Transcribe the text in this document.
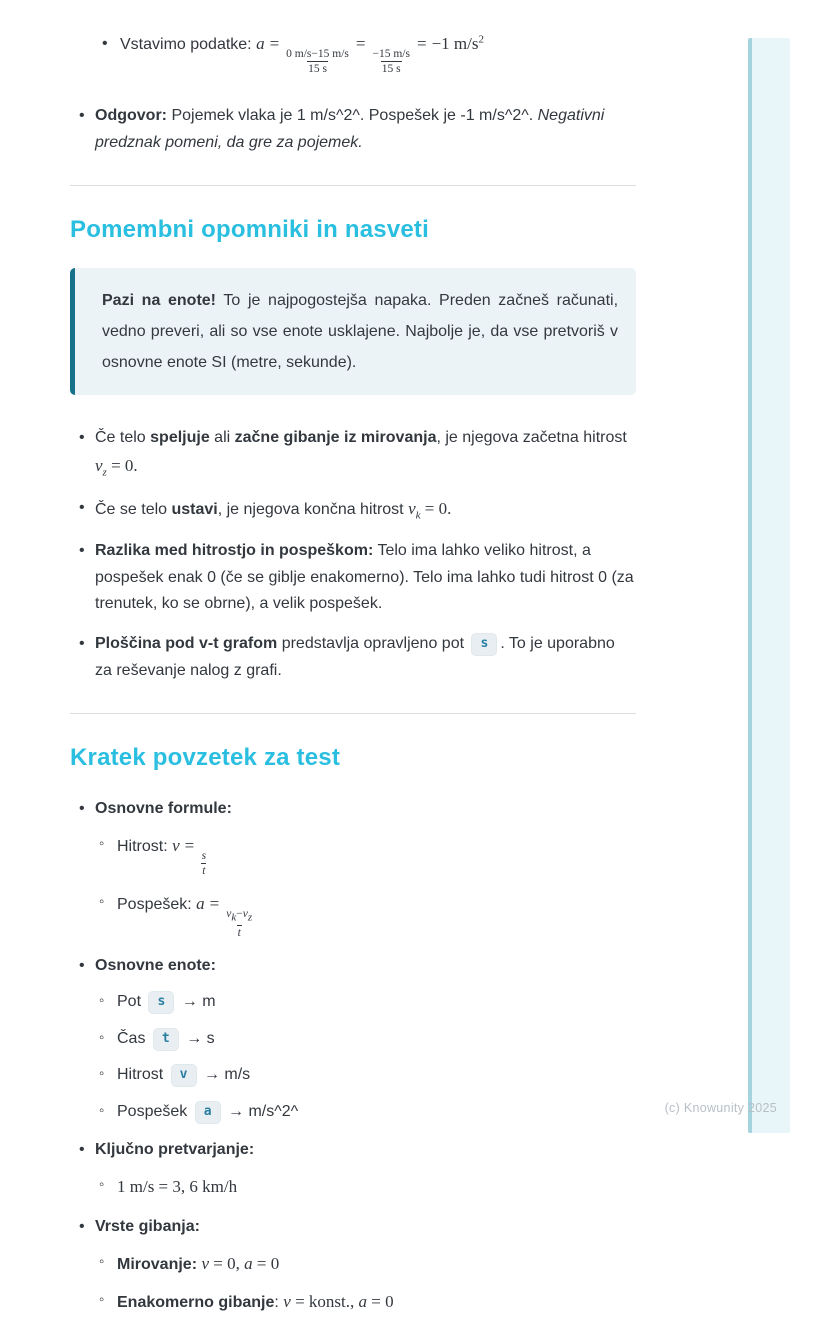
• Vstavimo podatke: a =
$\frac{0 m/s-15 m/s}{15 s}$
=
$\frac{-15 m/s}{15 s}$
= −1 $m/s^2$
• Odgovor: Pojemek vlaka je 1 m/s^2^. Pospešek je -1 m/s^2^. Negativni predznak pomeni, da gre za pojemek.
Pomembni opomniki in nasveti
Pazi na enote! To je najpogostejša napaka. Preden začneš računati, vedno preveri, ali so vse enote usklajene. Najbolje je, da vse pretvoriš v osnovne enote SI (metre, sekunde).
• Če telo speljuje ali začne gibanje iz mirovanja, je njegova začetna hitrost $v_z = 0$.
• Če se telo ustavi, je njegova končna hitrost $v_k = 0$.
• Razlika med hitrostjo in pospeškom: Telo ima lahko veliko hitrost, a pospešek enak 0 (če se giblje enakomerno). Telo ima lahko tudi hitrost 0 (za trenutek, ko se obrne), a velik pospešek.
• Ploščina pod v-t grafom predstavlja opravljeno pot s . To je uporabno za reševanje nalog z grafi.
Kratek povzetek za test
• Osnovne formule:
◦ Hitrost: v =
$\frac{s}{t}$
◦ Pospešek: a =
$\frac{v_k-v_z}{t}$
• Osnovne enote:
◦ Pot s → m
◦ Čas t → s
◦ Hitrost v → m/s
◦ Pospešek a → m/s^2^
• Ključno pretvarjanje:
◦ 1 m/s = 3, 6 km/h
• Vrste gibanja:
◦ Mirovanje: v = 0, a = 0
◦ Enakomerno gibanje: v = konst., a = 0
(c) Knowunity 2025
